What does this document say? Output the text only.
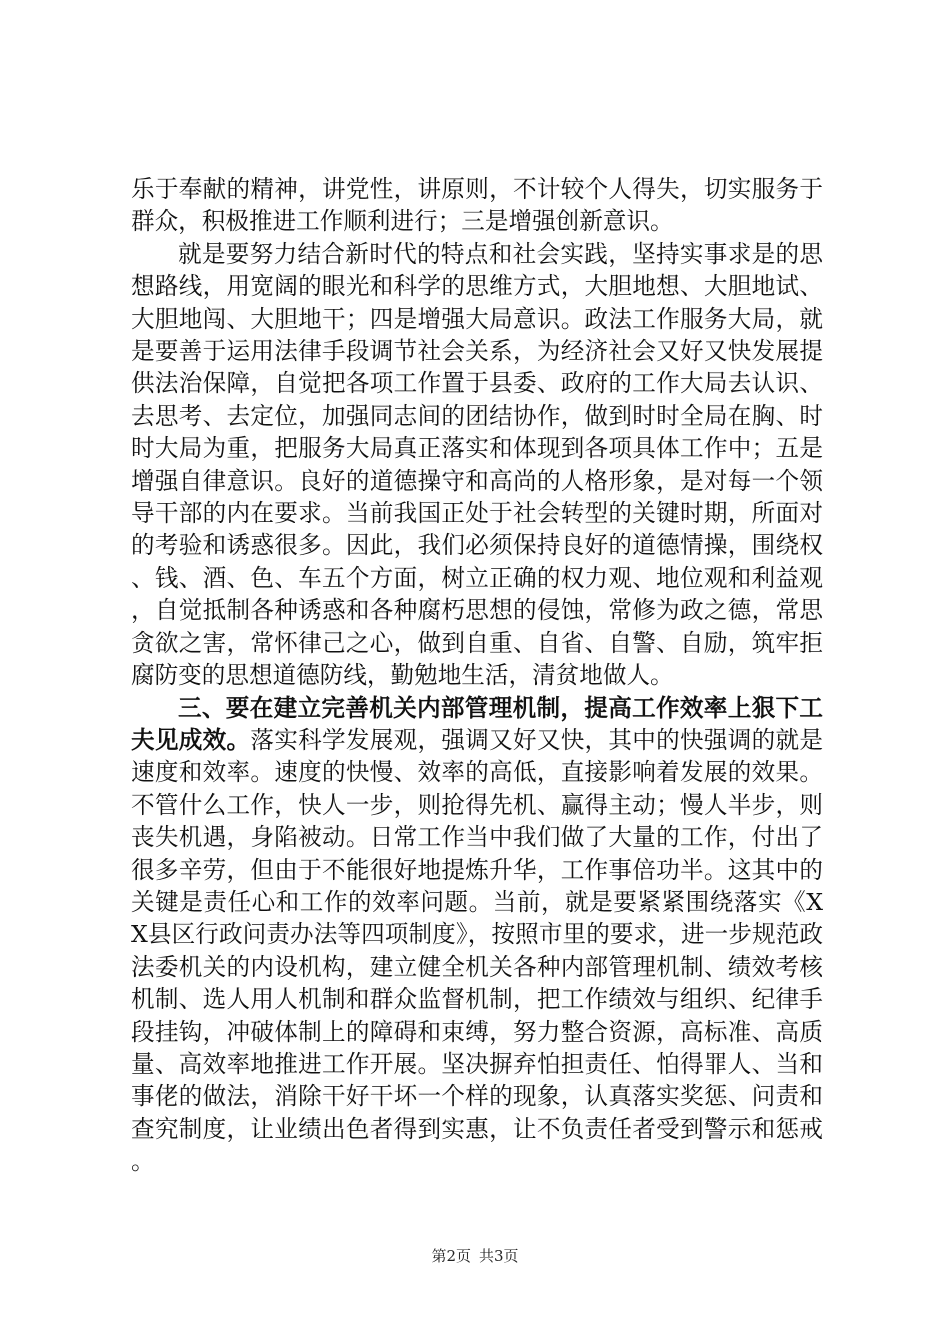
乐于奉献的精神，讲党性，讲原则，不计较个人得失，切实服务于群众，积极推进工作顺利进行；三是增强创新意识。

就是要努力结合新时代的特点和社会实践，坚持实事求是的思想路线，用宽阔的眼光和科学的思维方式，大胆地想、大胆地试、大胆地闯、大胆地干；四是增强大局意识。政法工作服务大局，就是要善于运用法律手段调节社会关系，为经济社会又好又快发展提供法治保障，自觉把各项工作置于县委、政府的工作大局去认识、去思考、去定位，加强同志间的团结协作，做到时时全局在胸、时时大局为重，把服务大局真正落实和体现到各项具体工作中；五是增强自律意识。良好的道德操守和高尚的人格形象，是对每一个领导干部的内在要求。当前我国正处于社会转型的关键时期，所面对的考验和诱惑很多。因此，我们必须保持良好的道德情操，围绕权、钱、酒、色、车五个方面，树立正确的权力观、地位观和利益观，自觉抵制各种诱惑和各种腐朽思想的侵蚀，常修为政之德，常思贪欲之害，常怀律己之心，做到自重、自省、自警、自励，筑牢拒腐防变的思想道德防线，勤勉地生活，清贫地做人。

三、要在建立完善机关内部管理机制，提高工作效率上狠下工夫见成效。落实科学发展观，强调又好又快，其中的快强调的就是速度和效率。速度的快慢、效率的高低，直接影响着发展的效果。不管什么工作，快人一步，则抢得先机、赢得主动；慢人半步，则丧失机遇，身陷被动。日常工作当中我们做了大量的工作，付出了很多辛劳，但由于不能很好地提炼升华，工作事倍功半。这其中的关键是责任心和工作的效率问题。当前，就是要紧紧围绕落实《XX县区行政问责办法等四项制度》，按照市里的要求，进一步规范政法委机关的内设机构，建立健全机关各种内部管理机制、绩效考核机制、选人用人机制和群众监督机制，把工作绩效与组织、纪律手段挂钩，冲破体制上的障碍和束缚，努力整合资源，高标准、高质量、高效率地推进工作开展。坚决摒弃怕担责任、怕得罪人、当和事佬的做法，消除干好干坏一个样的现象，认真落实奖惩、问责和查究制度，让业绩出色者得到实惠，让不负责任者受到警示和惩戒。

第2页 共3页
